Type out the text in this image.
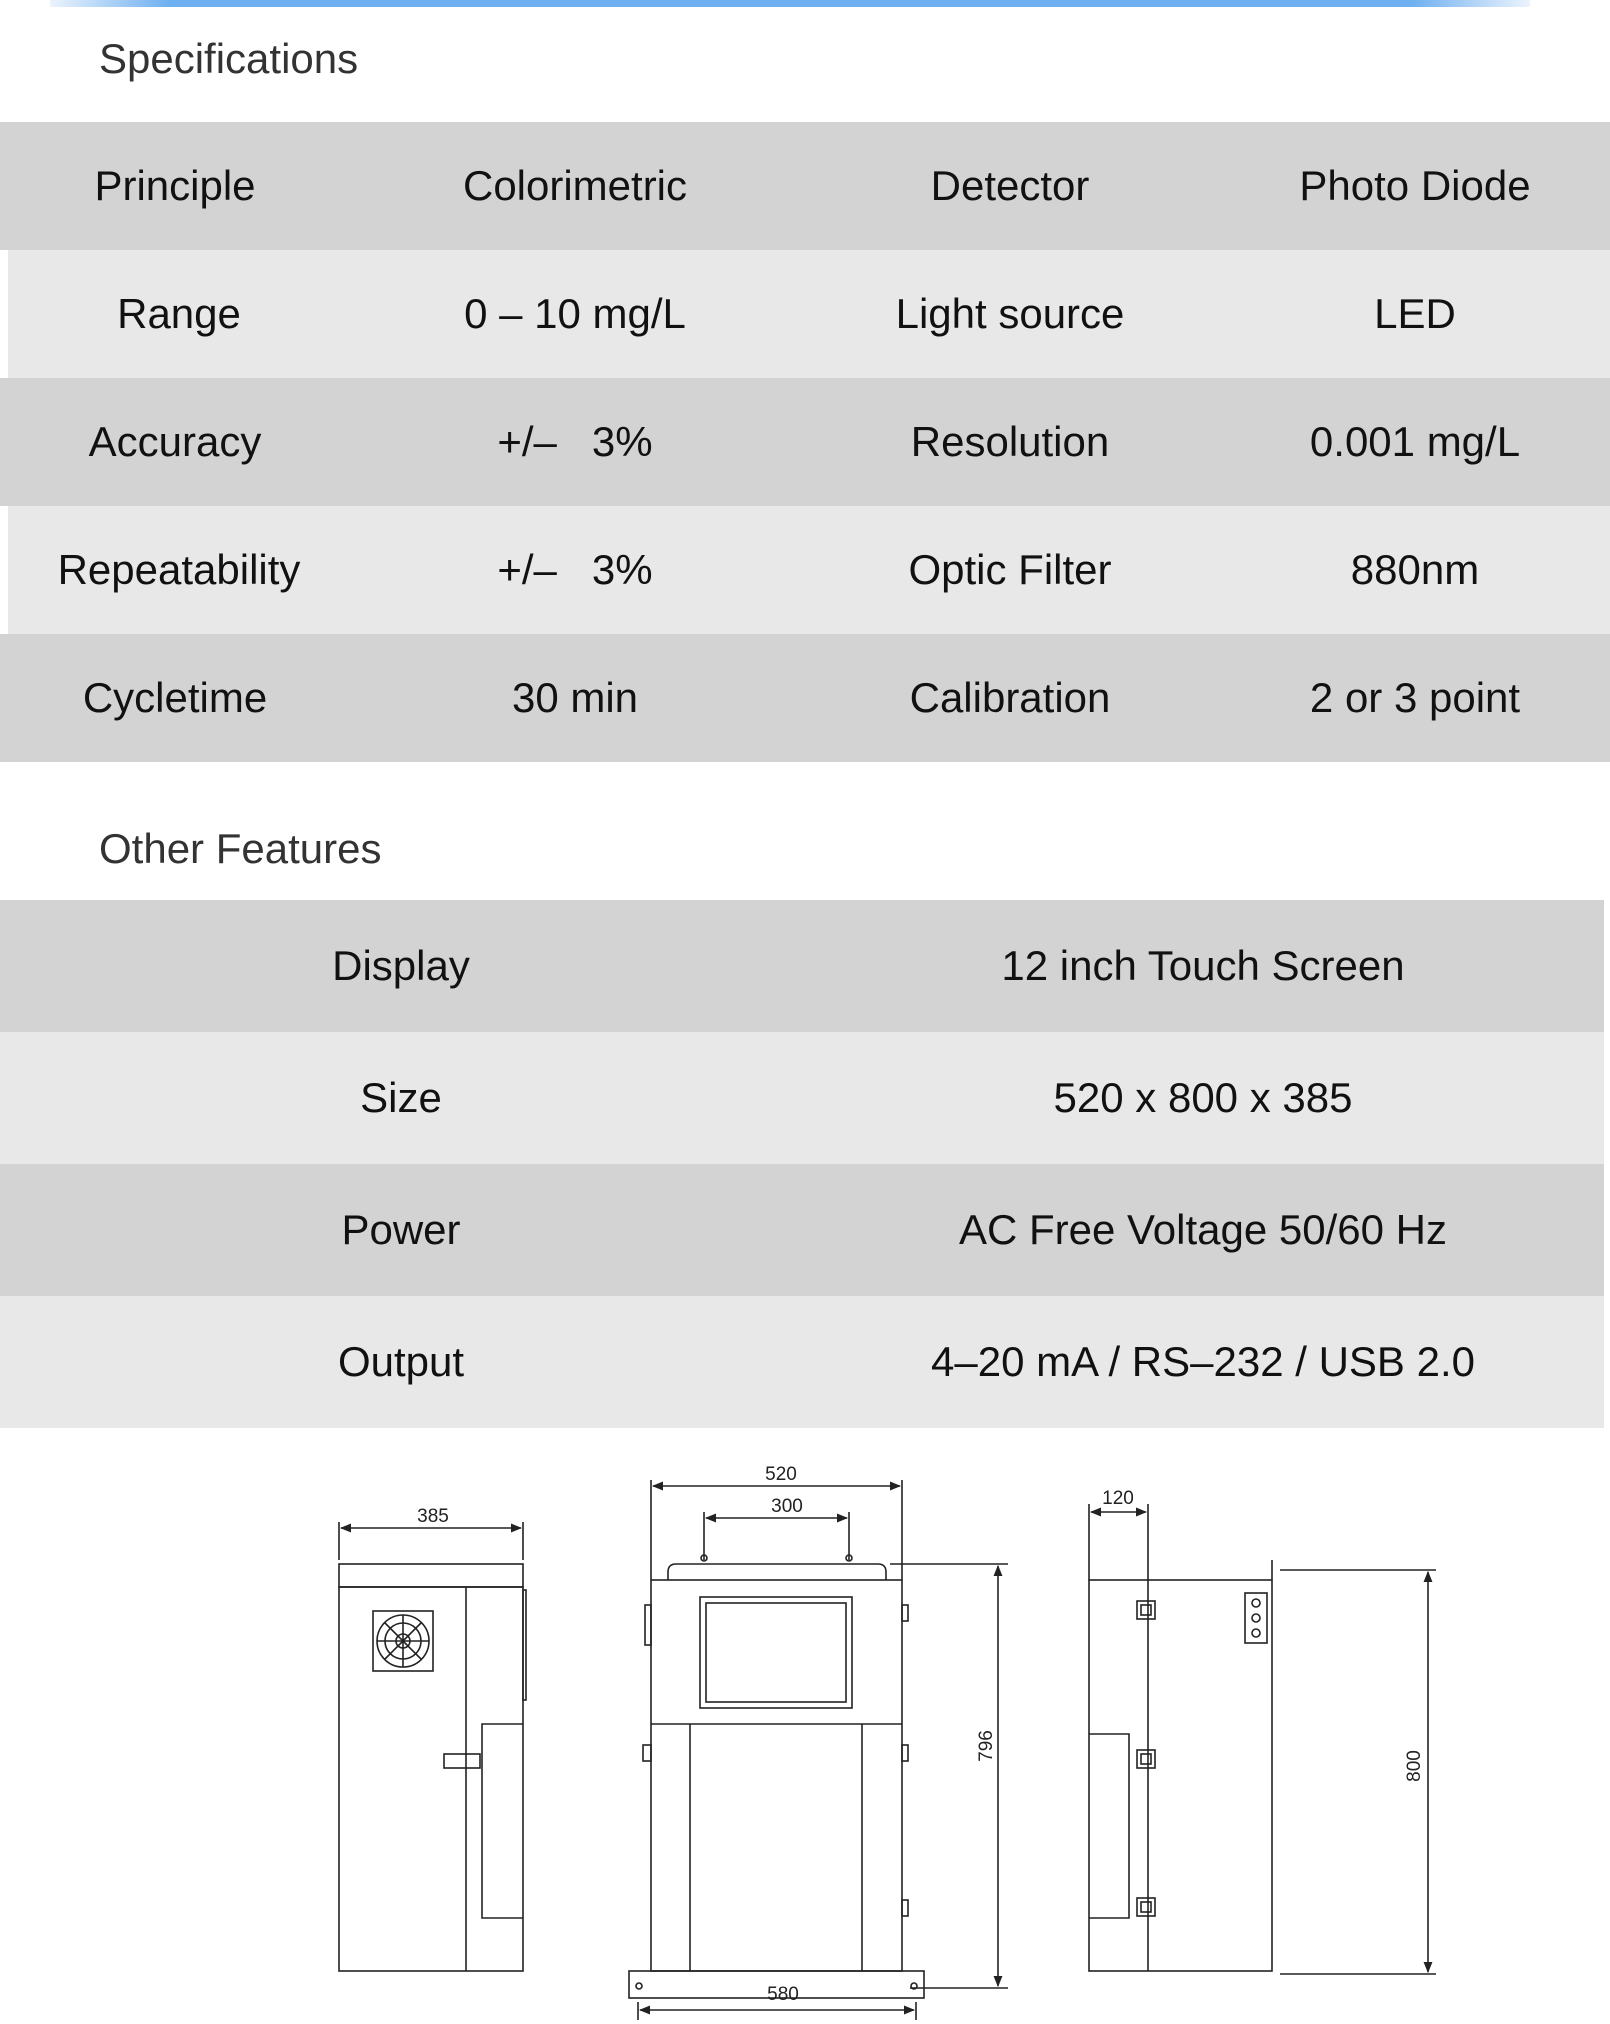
Specifications
Principle	Colorimetric	Detector	Photo Diode
Range	0 – 10 mg/L	Light source	LED
Accuracy	+/–   3%	Resolution	0.001 mg/L
Repeatability	+/–   3%	Optic Filter	880nm
Cycletime	30 min	Calibration	2 or 3 point
Other Features
Display	12 inch Touch Screen
Size	520 x 800 x 385
Power	AC Free Voltage 50/60 Hz
Output	4–20 mA / RS–232 / USB 2.0
385
520
300
580
120
796
800
